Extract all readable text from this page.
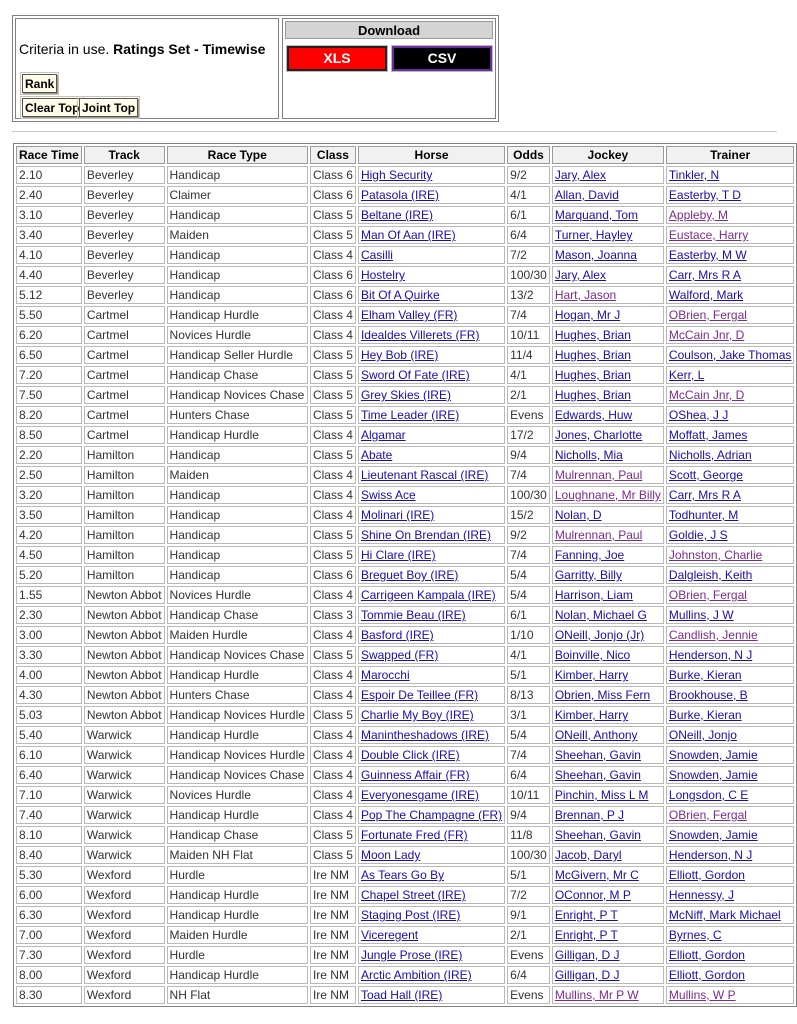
Criteria in use. Ratings Set - Timewise
Rank
Clear Top Joint Top
Download
XLS	CSV
Race Time	Track	Race Type	Class	Horse	Odds	Jockey	Trainer
2.10	Beverley	Handicap	Class 6	High Security	9/2	Jary, Alex	Tinkler, N
2.40	Beverley	Claimer	Class 6	Patasola (IRE)	4/1	Allan, David	Easterby, T D
3.10	Beverley	Handicap	Class 5	Beltane (IRE)	6/1	Marquand, Tom	Appleby, M
3.40	Beverley	Maiden	Class 5	Man Of Aan (IRE)	6/4	Turner, Hayley	Eustace, Harry
4.10	Beverley	Handicap	Class 4	Casilli	7/2	Mason, Joanna	Easterby, M W
4.40	Beverley	Handicap	Class 6	Hostelry	100/30	Jary, Alex	Carr, Mrs R A
5.12	Beverley	Handicap	Class 6	Bit Of A Quirke	13/2	Hart, Jason	Walford, Mark
5.50	Cartmel	Handicap Hurdle	Class 4	Elham Valley (FR)	7/4	Hogan, Mr J	OBrien, Fergal
6.20	Cartmel	Novices Hurdle	Class 4	Idealdes Villerets (FR)	10/11	Hughes, Brian	McCain Jnr, D
6.50	Cartmel	Handicap Seller Hurdle	Class 5	Hey Bob (IRE)	11/4	Hughes, Brian	Coulson, Jake Thomas
7.20	Cartmel	Handicap Chase	Class 5	Sword Of Fate (IRE)	4/1	Hughes, Brian	Kerr, L
7.50	Cartmel	Handicap Novices Chase	Class 5	Grey Skies (IRE)	2/1	Hughes, Brian	McCain Jnr, D
8.20	Cartmel	Hunters Chase	Class 5	Time Leader (IRE)	Evens	Edwards, Huw	OShea, J J
8.50	Cartmel	Handicap Hurdle	Class 4	Algamar	17/2	Jones, Charlotte	Moffatt, James
2.20	Hamilton	Handicap	Class 5	Abate	9/4	Nicholls, Mia	Nicholls, Adrian
2.50	Hamilton	Maiden	Class 4	Lieutenant Rascal (IRE)	7/4	Mulrennan, Paul	Scott, George
3.20	Hamilton	Handicap	Class 4	Swiss Ace	100/30	Loughnane, Mr Billy	Carr, Mrs R A
3.50	Hamilton	Handicap	Class 4	Molinari (IRE)	15/2	Nolan, D	Todhunter, M
4.20	Hamilton	Handicap	Class 5	Shine On Brendan (IRE)	9/2	Mulrennan, Paul	Goldie, J S
4.50	Hamilton	Handicap	Class 5	Hi Clare (IRE)	7/4	Fanning, Joe	Johnston, Charlie
5.20	Hamilton	Handicap	Class 6	Breguet Boy (IRE)	5/4	Garritty, Billy	Dalgleish, Keith
1.55	Newton Abbot	Novices Hurdle	Class 4	Carrigeen Kampala (IRE)	5/4	Harrison, Liam	OBrien, Fergal
2.30	Newton Abbot	Handicap Chase	Class 3	Tommie Beau (IRE)	6/1	Nolan, Michael G	Mullins, J W
3.00	Newton Abbot	Maiden Hurdle	Class 4	Basford (IRE)	1/10	ONeill, Jonjo (Jr)	Candlish, Jennie
3.30	Newton Abbot	Handicap Novices Chase	Class 5	Swapped (FR)	4/1	Boinville, Nico	Henderson, N J
4.00	Newton Abbot	Handicap Hurdle	Class 4	Marocchi	5/1	Kimber, Harry	Burke, Kieran
4.30	Newton Abbot	Hunters Chase	Class 4	Espoir De Teillee (FR)	8/13	Obrien, Miss Fern	Brookhouse, B
5.03	Newton Abbot	Handicap Novices Hurdle	Class 5	Charlie My Boy (IRE)	3/1	Kimber, Harry	Burke, Kieran
5.40	Warwick	Handicap Hurdle	Class 4	Manintheshadows (IRE)	5/4	ONeill, Anthony	ONeill, Jonjo
6.10	Warwick	Handicap Novices Hurdle	Class 4	Double Click (IRE)	7/4	Sheehan, Gavin	Snowden, Jamie
6.40	Warwick	Handicap Novices Chase	Class 4	Guinness Affair (FR)	6/4	Sheehan, Gavin	Snowden, Jamie
7.10	Warwick	Novices Hurdle	Class 4	Everyonesgame (IRE)	10/11	Pinchin, Miss L M	Longsdon, C E
7.40	Warwick	Handicap Hurdle	Class 4	Pop The Champagne (FR)	9/4	Brennan, P J	OBrien, Fergal
8.10	Warwick	Handicap Chase	Class 5	Fortunate Fred (FR)	11/8	Sheehan, Gavin	Snowden, Jamie
8.40	Warwick	Maiden NH Flat	Class 5	Moon Lady	100/30	Jacob, Daryl	Henderson, N J
5.30	Wexford	Hurdle	Ire NM	As Tears Go By	5/1	McGivern, Mr C	Elliott, Gordon
6.00	Wexford	Handicap Hurdle	Ire NM	Chapel Street (IRE)	7/2	OConnor, M P	Hennessy, J
6.30	Wexford	Handicap Hurdle	Ire NM	Staging Post (IRE)	9/1	Enright, P T	McNiff, Mark Michael
7.00	Wexford	Maiden Hurdle	Ire NM	Viceregent	2/1	Enright, P T	Byrnes, C
7.30	Wexford	Hurdle	Ire NM	Jungle Prose (IRE)	Evens	Gilligan, D J	Elliott, Gordon
8.00	Wexford	Handicap Hurdle	Ire NM	Arctic Ambition (IRE)	6/4	Gilligan, D J	Elliott, Gordon
8.30	Wexford	NH Flat	Ire NM	Toad Hall (IRE)	Evens	Mullins, Mr P W	Mullins, W P
